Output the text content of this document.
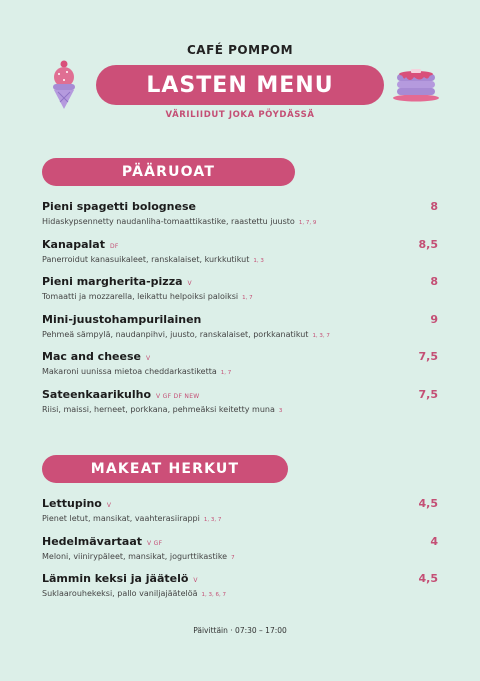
CAFÉ POMPOM
LASTEN MENU
VÄRILIIDUT JOKA PÖYDÄSSÄ
PÄÄRUOAT
Pieni spagetti bolognese	8
Hidaskypsennetty naudanliha-tomaattikastike, raastettu juusto 1, 7, 9
Kanapalat DF	8,5
Panerroidut kanasuikaleet, ranskalaiset, kurkkutikut 1, 3
Pieni margherita-pizza V	8
Tomaatti ja mozzarella, leikattu helpoiksi paloiksi 1, 7
Mini-juustohampurilainen	9
Pehmeä sämpylä, naudanpihvi, juusto, ranskalaiset, porkkanatikut 1, 3, 7
Mac and cheese V	7,5
Makaroni uunissa mietoa cheddarkastiketta 1, 7
Sateenkaarikulho V GF DF NEW	7,5
Riisi, maissi, herneet, porkkana, pehmeäksi keitetty muna 3
MAKEAT HERKUT
Lettupino V	4,5
Pienet letut, mansikat, vaahterasiirappi 1, 3, 7
Hedelmävartaat V GF	4
Meloni, viinirypäleet, mansikat, jogurttikastike 7
Lämmin keksi ja jäätelö V	4,5
Suklaarouhekeksi, pallo vaniljajäätelöä 1, 3, 6, 7
Päivittäin · 07:30 – 17:00
